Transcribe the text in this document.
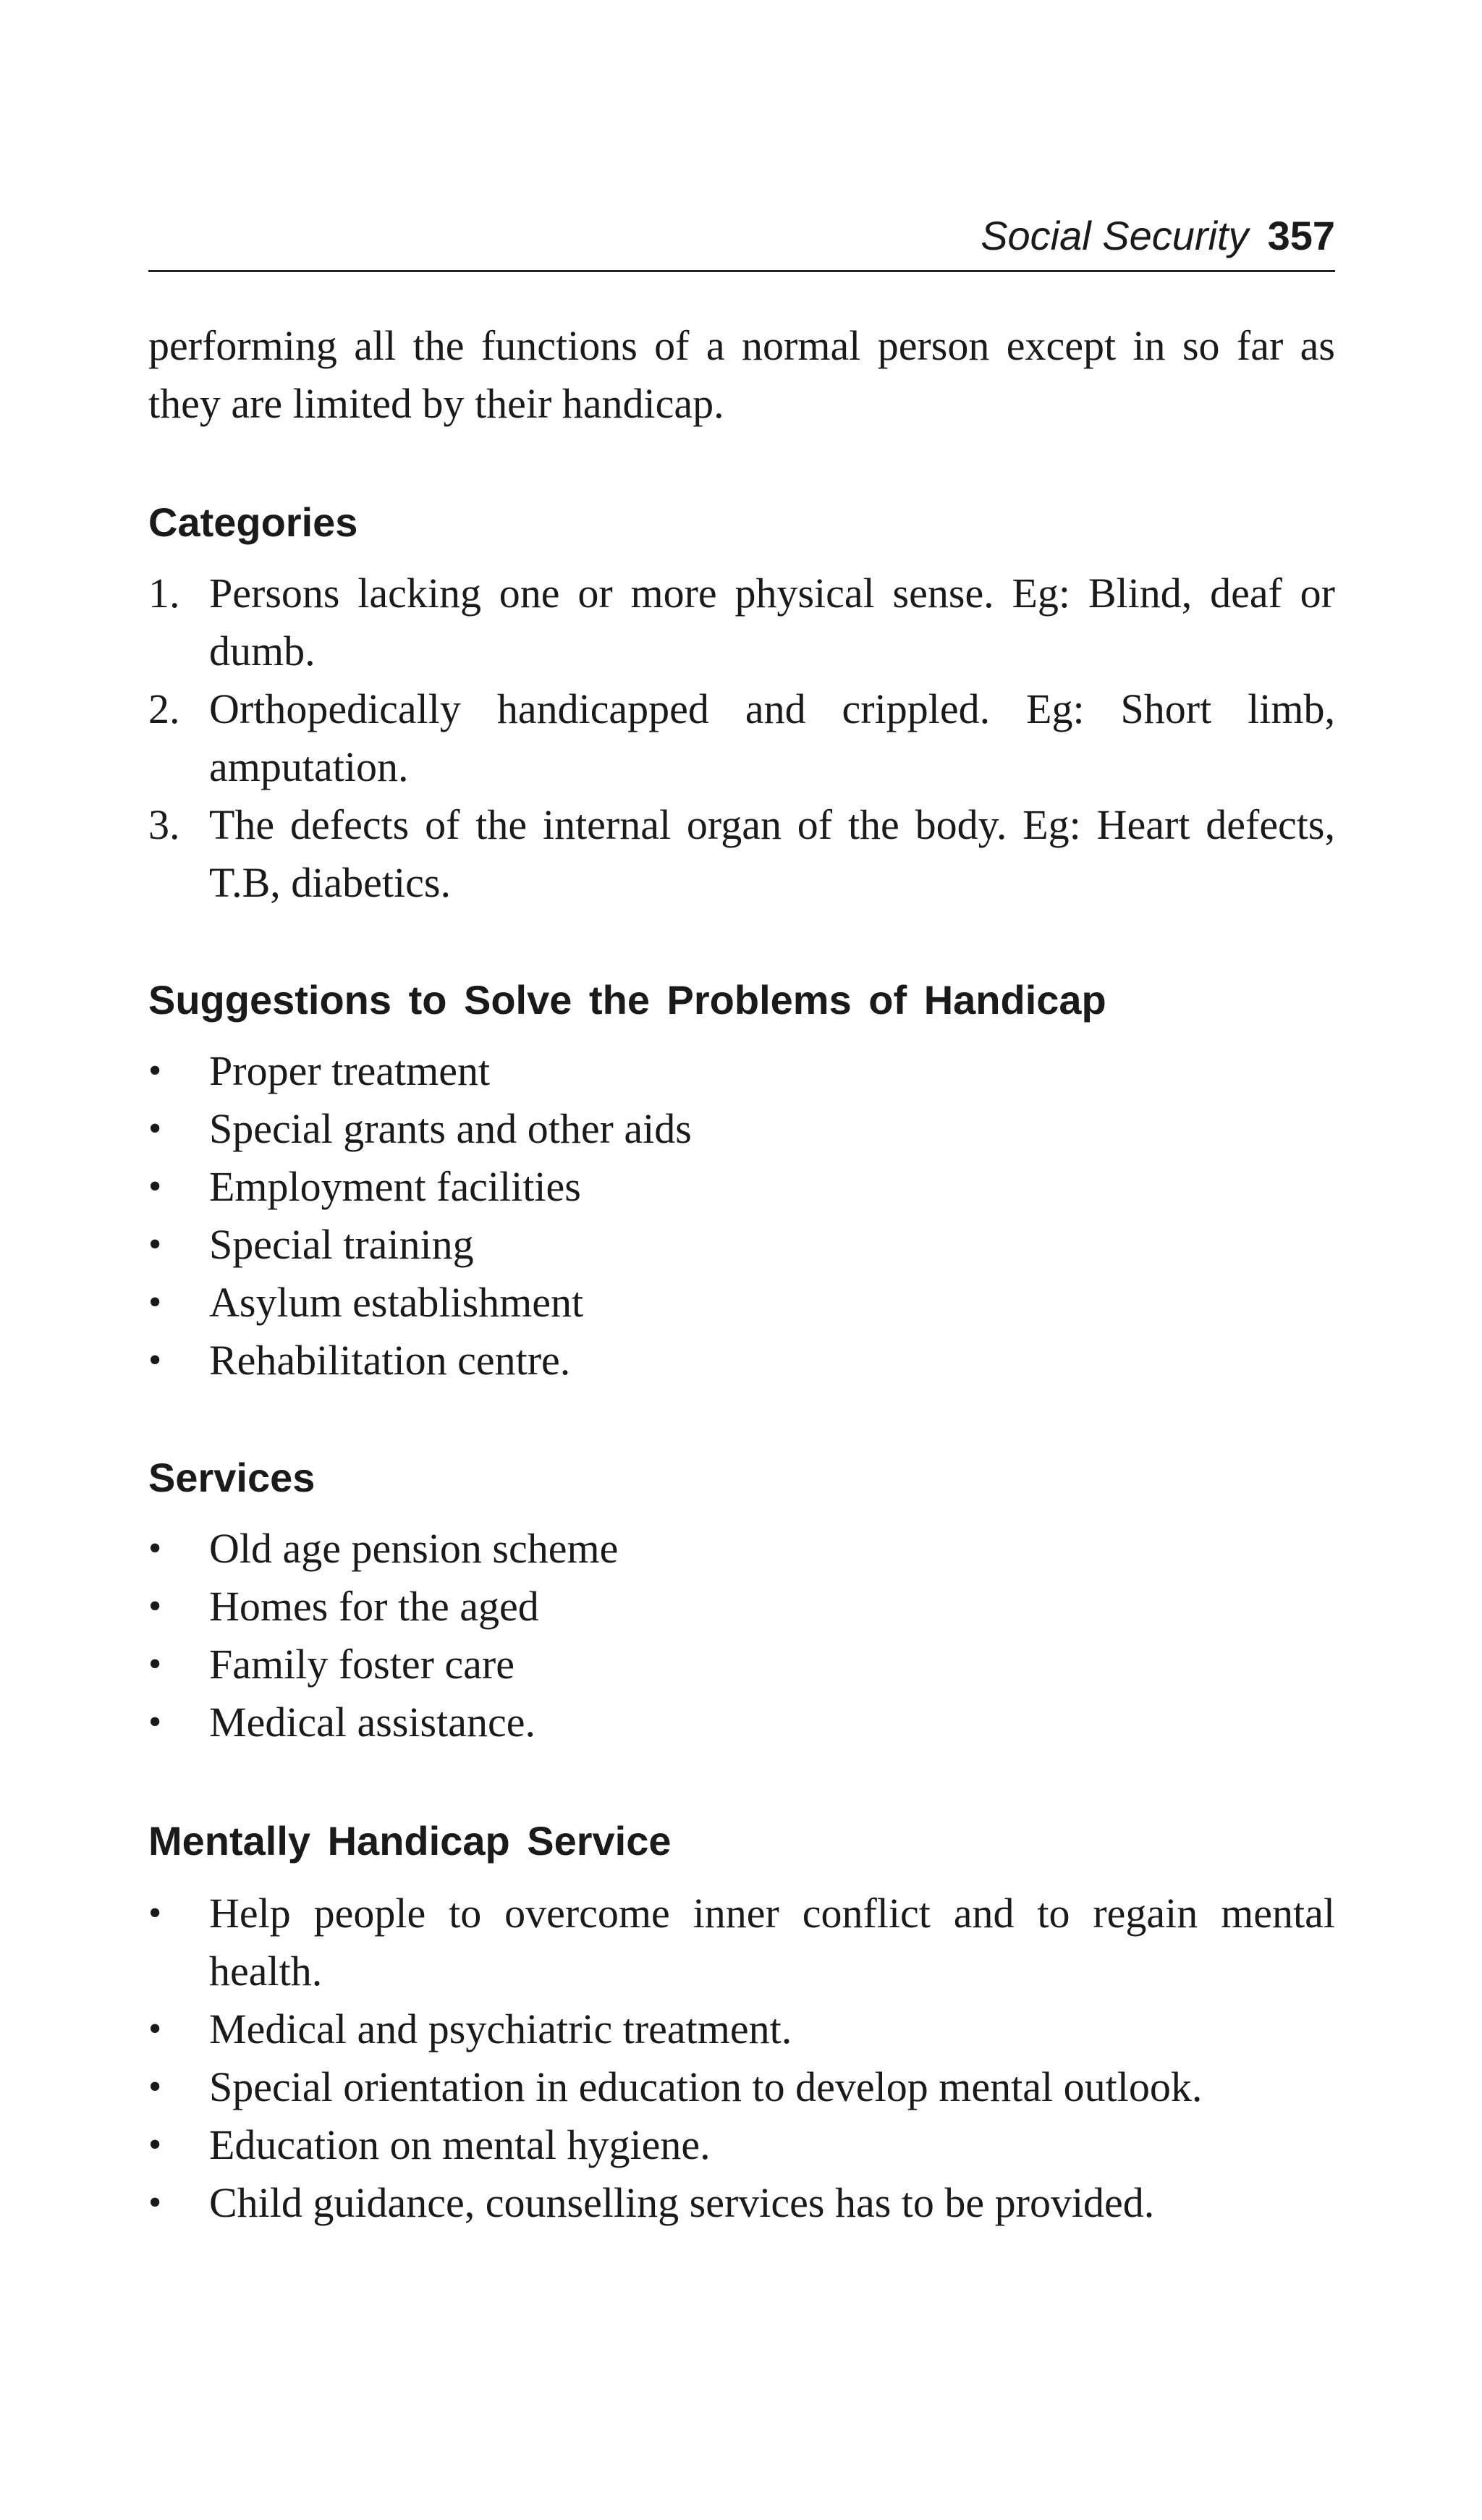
Social Security 357

performing all the functions of a normal person except in so far as they are limited by their handicap.

Categories
1. Persons lacking one or more physical sense. Eg: Blind, deaf or dumb.
2. Orthopedically handicapped and crippled. Eg: Short limb, amputation.
3. The defects of the internal organ of the body. Eg: Heart defects, T.B, diabetics.
Suggestions to Solve the Problems of Handicap
• Proper treatment
• Special grants and other aids
• Employment facilities
• Special training
• Asylum establishment
• Rehabilitation centre.
Services
• Old age pension scheme
• Homes for the aged
• Family foster care
• Medical assistance.
Mentally Handicap Service
• Help people to overcome inner conflict and to regain mental health.
• Medical and psychiatric treatment.
• Special orientation in education to develop mental outlook.
• Education on mental hygiene.
• Child guidance, counselling services has to be provided.
